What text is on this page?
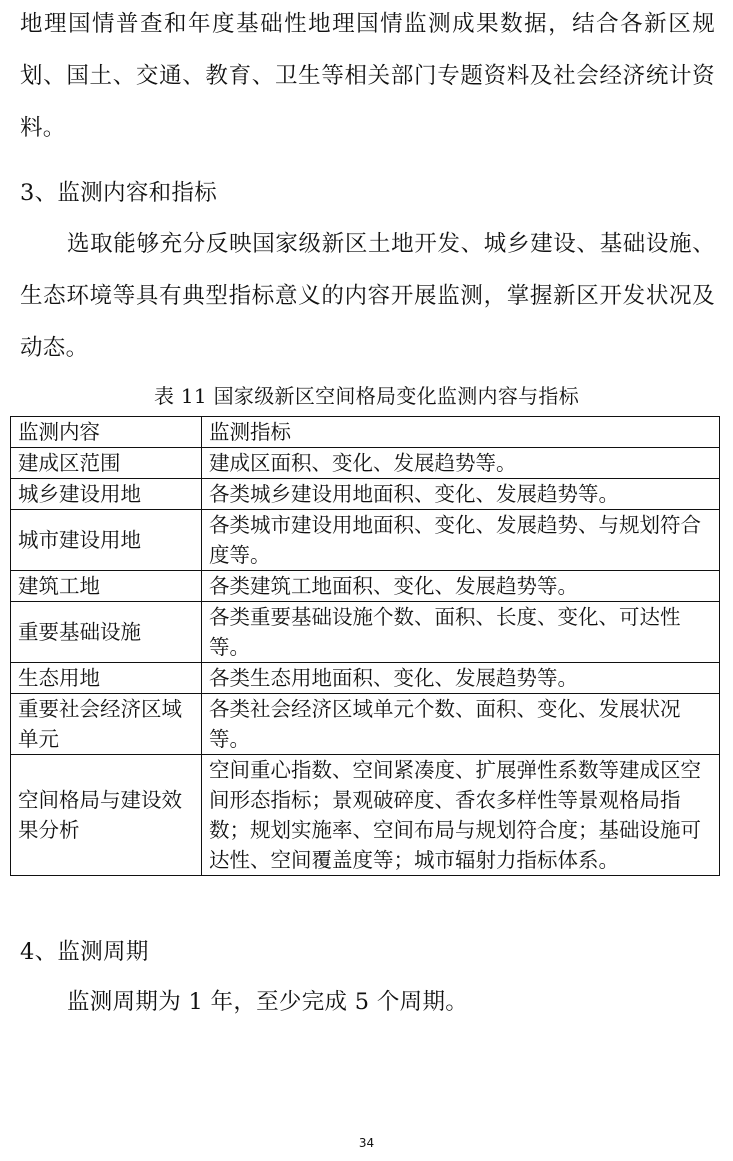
地理国情普查和年度基础性地理国情监测成果数据，结合各新区规划、国土、交通、教育、卫生等相关部门专题资料及社会经济统计资料。

3、监测内容和指标

选取能够充分反映国家级新区土地开发、城乡建设、基础设施、生态环境等具有典型指标意义的内容开展监测，掌握新区开发状况及动态。

表 11 国家级新区空间格局变化监测内容与指标
监测内容	监测指标
建成区范围	建成区面积、变化、发展趋势等。
城乡建设用地	各类城乡建设用地面积、变化、发展趋势等。
城市建设用地	各类城市建设用地面积、变化、发展趋势、与规划符合度等。
建筑工地	各类建筑工地面积、变化、发展趋势等。
重要基础设施	各类重要基础设施个数、面积、长度、变化、可达性等。
生态用地	各类生态用地面积、变化、发展趋势等。
重要社会经济区域单元	各类社会经济区域单元个数、面积、变化、发展状况等。
空间格局与建设效果分析	空间重心指数、空间紧凑度、扩展弹性系数等建成区空间形态指标；景观破碎度、香农多样性等景观格局指数；规划实施率、空间布局与规划符合度；基础设施可达性、空间覆盖度等；城市辐射力指标体系。
4、监测周期

监测周期为 1 年，至少完成 5 个周期。

34
